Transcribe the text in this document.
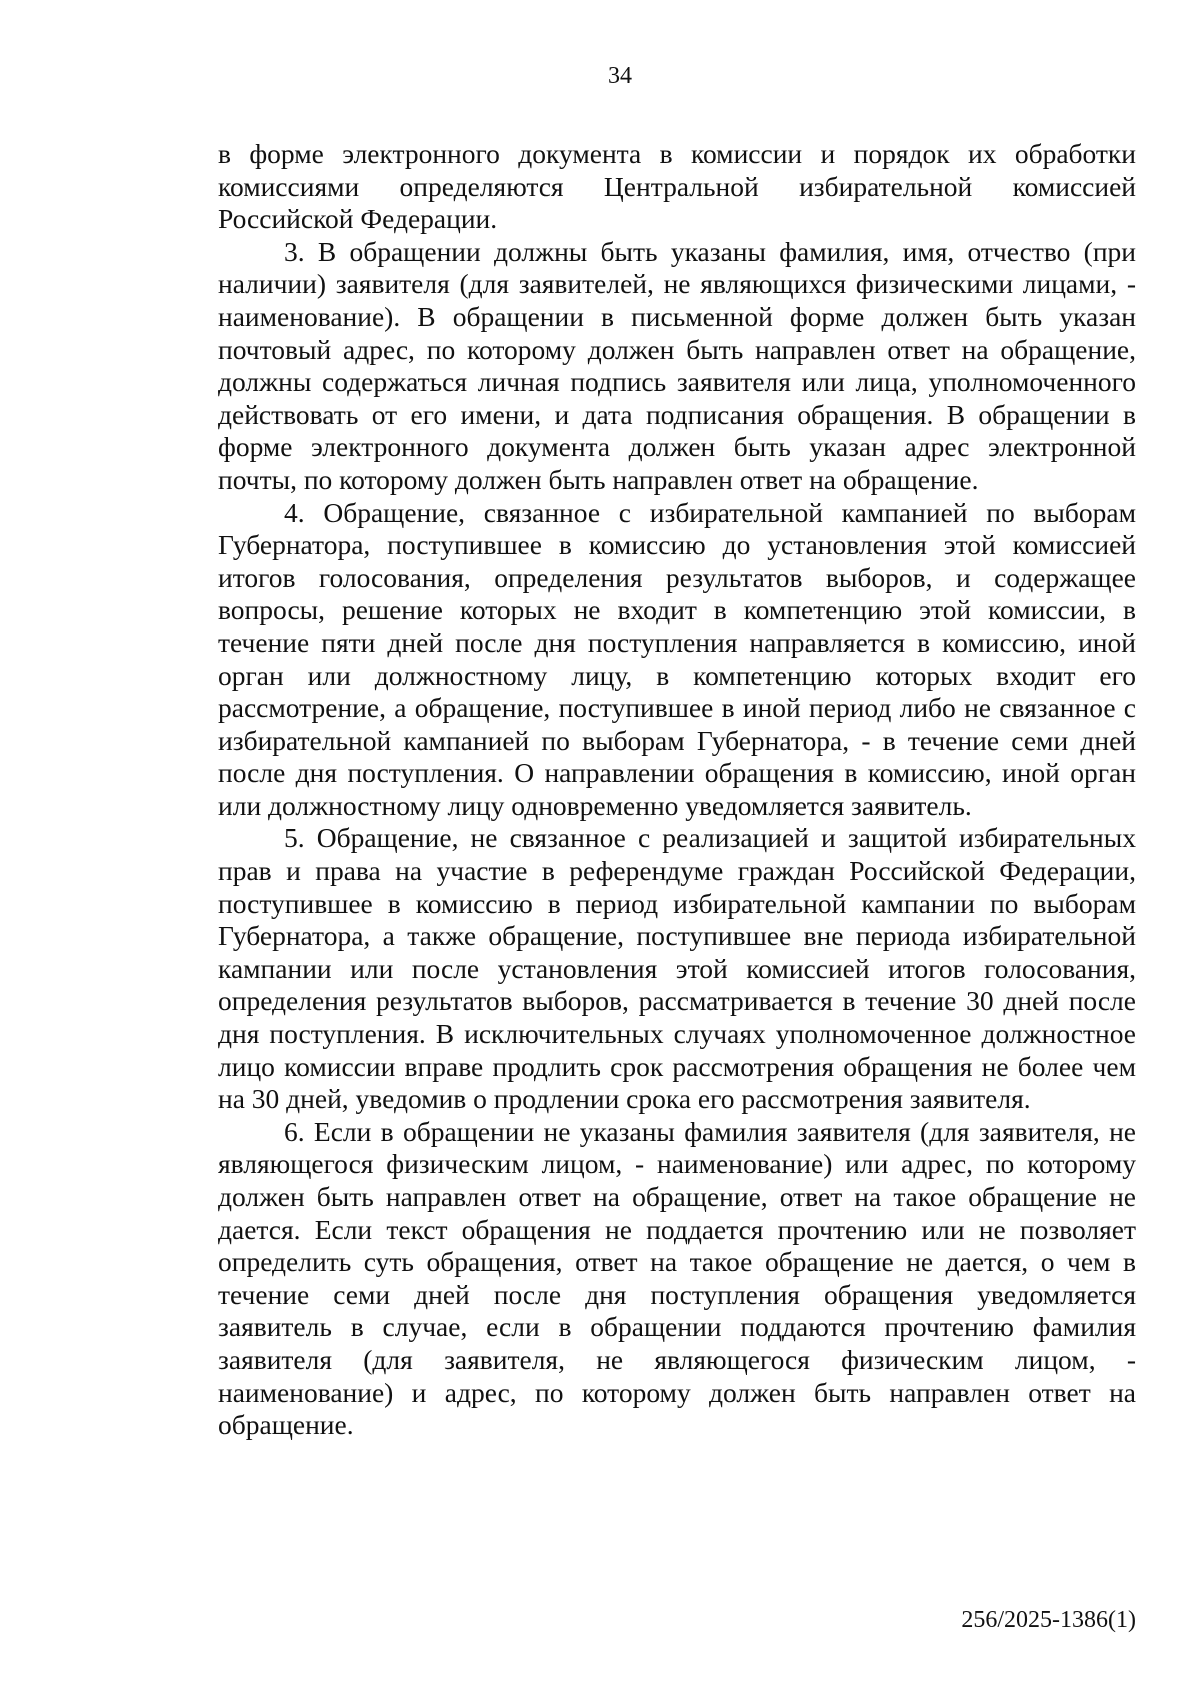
34

в форме электронного документа в комиссии и порядок их обработки комиссиями определяются Центральной избирательной комиссией Российской Федерации.

3. В обращении должны быть указаны фамилия, имя, отчество (при наличии) заявителя (для заявителей, не являющихся физическими лицами, - наименование). В обращении в письменной форме должен быть указан почтовый адрес, по которому должен быть направлен ответ на обращение, должны содержаться личная подпись заявителя или лица, уполномоченного действовать от его имени, и дата подписания обращения. В обращении в форме электронного документа должен быть указан адрес электронной почты, по которому должен быть направлен ответ на обращение.

4. Обращение, связанное с избирательной кампанией по выборам Губернатора, поступившее в комиссию до установления этой комиссией итогов голосования, определения результатов выборов, и содержащее вопросы, решение которых не входит в компетенцию этой комиссии, в течение пяти дней после дня поступления направляется в комиссию, иной орган или должностному лицу, в компетенцию которых входит его рассмотрение, а обращение, поступившее в иной период либо не связанное с избирательной кампанией по выборам Губернатора, - в течение семи дней после дня поступления. О направлении обращения в комиссию, иной орган или должностному лицу одновременно уведомляется заявитель.

5. Обращение, не связанное с реализацией и защитой избирательных прав и права на участие в референдуме граждан Российской Федерации, поступившее в комиссию в период избирательной кампании по выборам Губернатора, а также обращение, поступившее вне периода избирательной кампании или после установления этой комиссией итогов голосования, определения результатов выборов, рассматривается в течение 30 дней после дня поступления. В исключительных случаях уполномоченное должностное лицо комиссии вправе продлить срок рассмотрения обращения не более чем на 30 дней, уведомив о продлении срока его рассмотрения заявителя.

6. Если в обращении не указаны фамилия заявителя (для заявителя, не являющегося физическим лицом, - наименование) или адрес, по которому должен быть направлен ответ на обращение, ответ на такое обращение не дается. Если текст обращения не поддается прочтению или не позволяет определить суть обращения, ответ на такое обращение не дается, о чем в течение семи дней после дня поступления обращения уведомляется заявитель в случае, если в обращении поддаются прочтению фамилия заявителя (для заявителя, не являющегося физическим лицом, - наименование) и адрес, по которому должен быть направлен ответ на обращение.

256/2025-1386(1)
